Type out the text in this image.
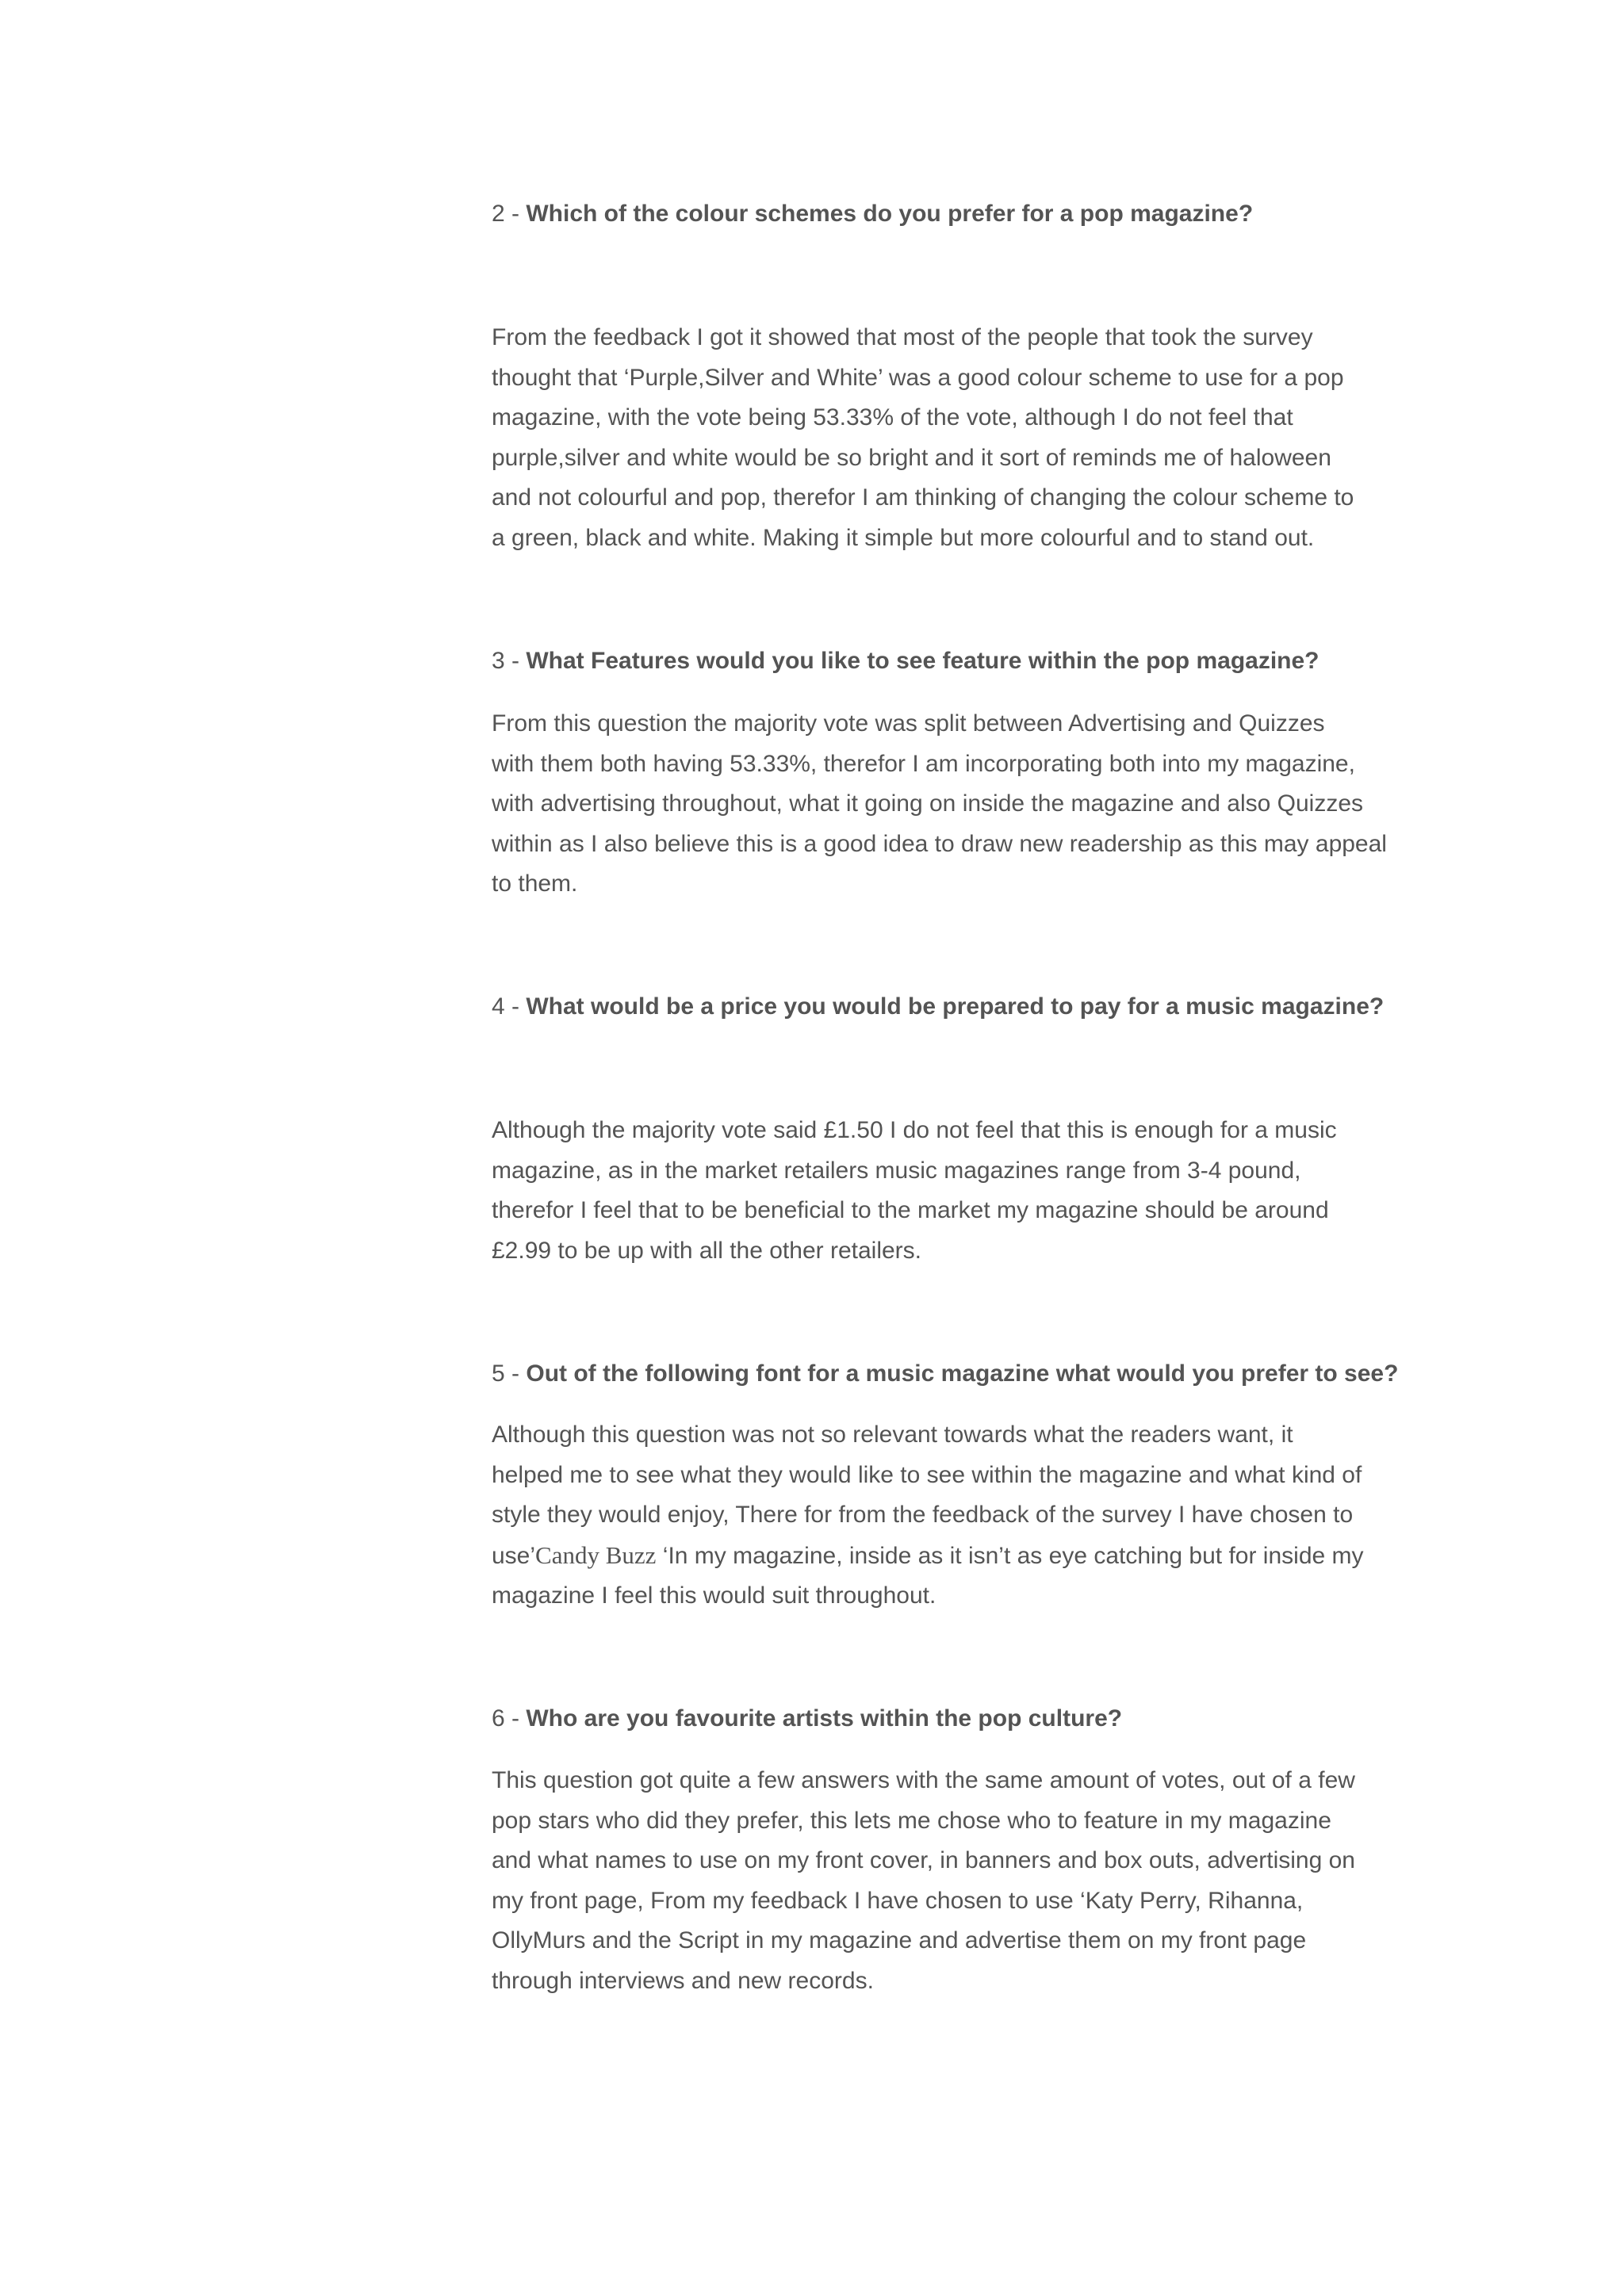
2 - Which of the colour schemes do you prefer for a pop magazine?

From the feedback I got it showed that most of the people that took the survey
thought that ‘Purple,Silver and White’ was a good colour scheme to use for a pop
magazine, with the vote being 53.33% of the vote, although I do not feel that
purple,silver and white would be so bright and it sort of reminds me of haloween
and not colourful and pop, therefor I am thinking of changing the colour scheme to
a green, black and white. Making it simple but more colourful and to stand out.

3 - What Features would you like to see feature within the pop magazine?

From this question the majority vote was split between Advertising and Quizzes
with them both having 53.33%, therefor I am incorporating both into my magazine,
with advertising throughout, what it going on inside the magazine and also Quizzes
within as I also believe this is a good idea to draw new readership as this may appeal
to them.

4 - What would be a price you would be prepared to pay for a music magazine?

Although the majority vote said £1.50 I do not feel that this is enough for a music
magazine, as in the market retailers music magazines range from 3-4 pound,
therefor I feel that to be beneficial to the market my magazine should be around
£2.99 to be up with all the other retailers.

5 - Out of the following font for a music magazine what would you prefer to see?

Although this question was not so relevant towards what the readers want, it
helped me to see what they would like to see within the magazine and what kind of
style they would enjoy, There for from the feedback of the survey I have chosen to
use’Candy Buzz ‘In my magazine, inside as it isn’t as eye catching but for inside my
magazine I feel this would suit throughout.

6 - Who are you favourite artists within the pop culture?

This question got quite a few answers with the same amount of votes, out of a few
pop stars who did they prefer, this lets me chose who to feature in my magazine
and what names to use on my front cover, in banners and box outs, advertising on
my front page, From my feedback I have chosen to use ‘Katy Perry, Rihanna,
OllyMurs and the Script in my magazine and advertise them on my front page
through interviews and new records.
